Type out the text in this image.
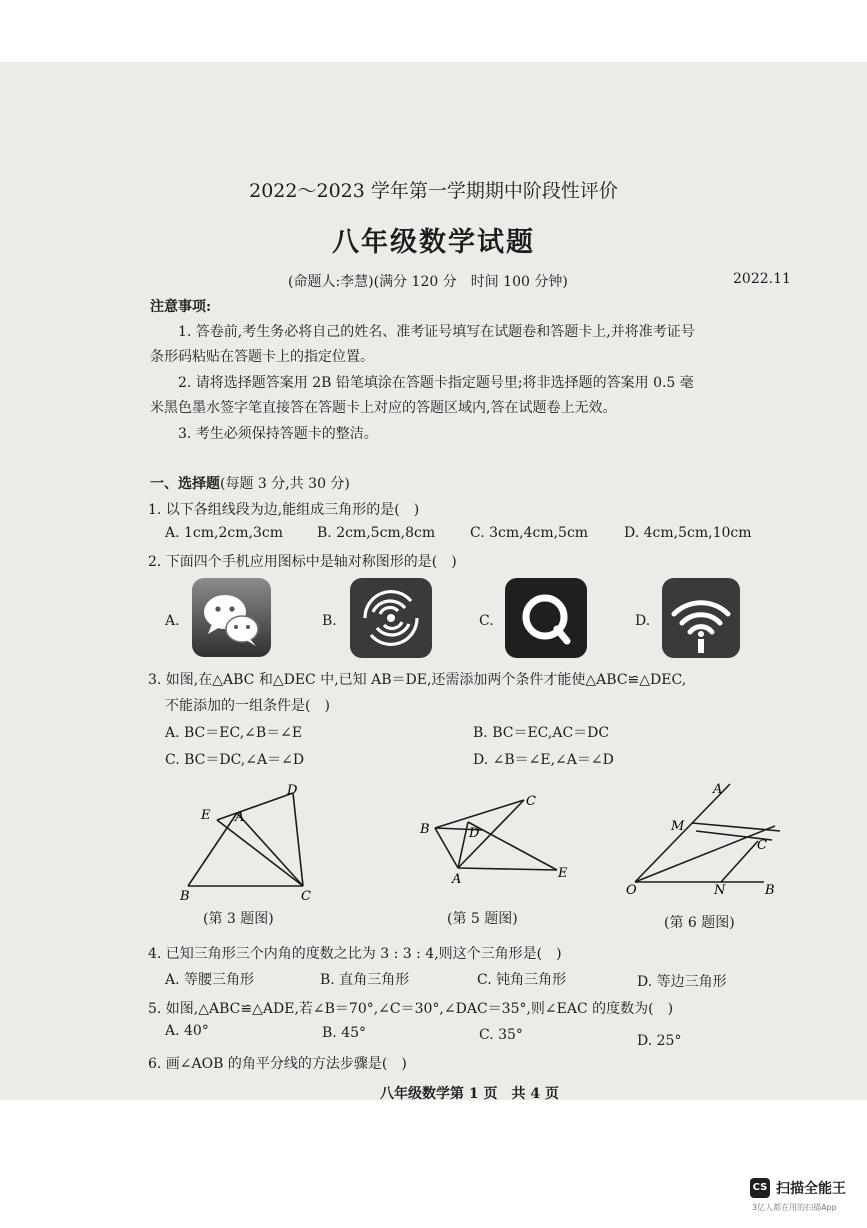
2022～2023 学年第一学期期中阶段性评价
八年级数学试题
(命题人:李慧)(满分 120 分　时间 100 分钟)	2022.11
注意事项:
1. 答卷前,考生务必将自己的姓名、准考证号填写在试题卷和答题卡上,并将准考证号
条形码粘贴在答题卡上的指定位置。
2. 请将选择题答案用 2B 铅笔填涂在答题卡指定题号里;将非选择题的答案用 0.5 毫
米黑色墨水签字笔直接答在答题卡上对应的答题区域内,答在试题卷上无效。
3. 考生必须保持答题卡的整洁。
一、选择题(每题 3 分,共 30 分)
1. 以下各组线段为边,能组成三角形的是(　)
A. 1cm,2cm,3cm B. 2cm,5cm,8cm C. 3cm,4cm,5cm	D. 4cm,5cm,10cm
2. 下面四个手机应用图标中是轴对称图形的是(　)
A.	B.	C.	D.
3. 如图,在△ABC 和△DEC 中,已知 AB＝DE,还需添加两个条件才能使△ABC≌△DEC,
不能添加的一组条件是(　)
A. BC＝EC,∠B＝∠E	B. BC＝EC,AC＝DC
C. BC＝DC,∠A＝∠D	D. ∠B＝∠E,∠A＝∠D
D
E A
B	C
(第 3 题图)
C
B	D
A	E
(第 5 题图)
A
M
C
O	N	B
(第 6 题图)
4. 已知三角形三个内角的度数之比为 3 : 3 : 4,则这个三角形是(　)
A. 等腰三角形	B. 直角三角形	C. 钝角三角形	D. 等边三角形
5. 如图,△ABC≌△ADE,若∠B＝70°,∠C＝30°,∠DAC＝35°,则∠EAC 的度数为(　)
A. 40°	B. 45°	C. 35°	D. 25°
6. 画∠AOB 的角平分线的方法步骤是(　)
八年级数学第 1 页　共 4 页
CS 扫描全能王
3亿人都在用的扫描App
